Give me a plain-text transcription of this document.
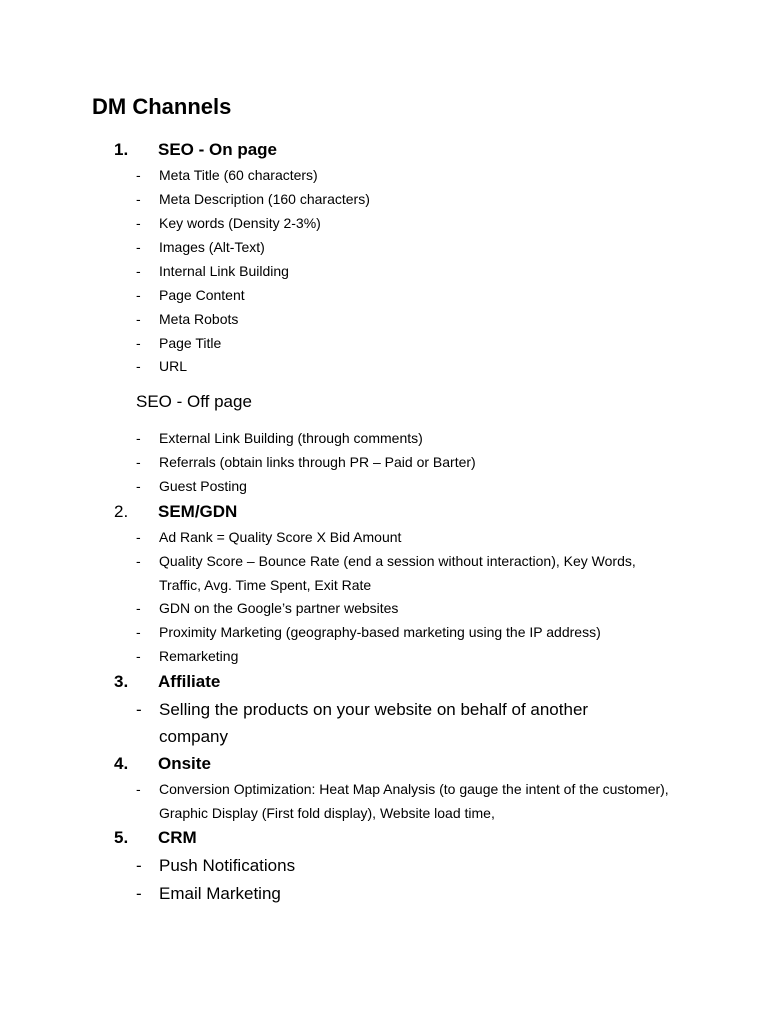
DM Channels
1. SEO - On page
- Meta Title (60 characters)
- Meta Description (160 characters)
- Key words (Density 2-3%)
- Images (Alt-Text)
- Internal Link Building
- Page Content
- Meta Robots
- Page Title
- URL
SEO - Off page
- External Link Building (through comments)
- Referrals (obtain links through PR – Paid or Barter)
- Guest Posting
2. SEM/GDN
- Ad Rank = Quality Score X Bid Amount
- Quality Score – Bounce Rate (end a session without interaction), Key Words, Traffic, Avg. Time Spent, Exit Rate
- GDN on the Google’s partner websites
- Proximity Marketing (geography-based marketing using the IP address)
- Remarketing
3. Affiliate
- Selling the products on your website on behalf of another company
4. Onsite
- Conversion Optimization: Heat Map Analysis (to gauge the intent of the customer), Graphic Display (First fold display), Website load time,
5. CRM
- Push Notifications
- Email Marketing
